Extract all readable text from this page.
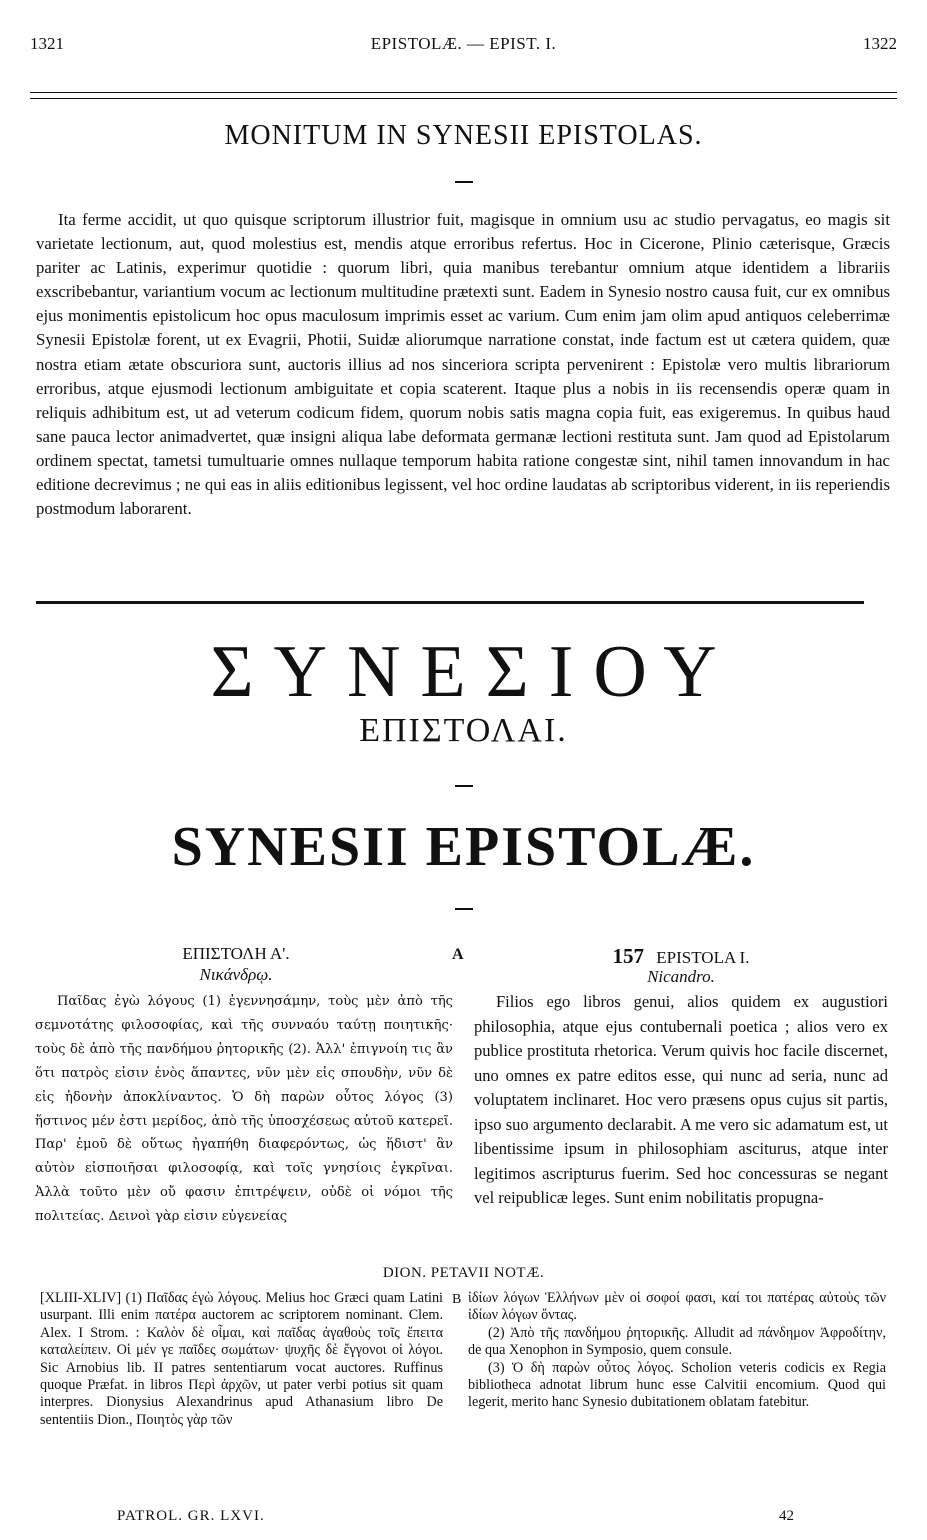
1321	EPISTOLÆ. — EPIST. I.	1322
MONITUM IN SYNESII EPISTOLAS.

Ita ferme accidit, ut quo quisque scriptorum illustrior fuit, magisque in omnium usu ac studio pervagatus, eo magis sit varietate lectionum, aut, quod molestius est, mendis atque erroribus refertus. Hoc in Cicerone, Plinio cæterisque, Græcis pariter ac Latinis, experimur quotidie : quorum libri, quia manibus terebantur omnium atque identidem a librariis exscribebantur, variantium vocum ac lectionum multitudine prætexti sunt. Eadem in Synesio nostro causa fuit, cur ex omnibus ejus monimentis epistolicum hoc opus maculosum imprimis esset ac varium. Cum enim jam olim apud antiquos celeberrimæ Synesii Epistolæ forent, ut ex Evagrii, Photii, Suidæ aliorumque narratione constat, inde factum est ut cætera quidem, quæ nostra etiam ætate obscuriora sunt, auctoris illius ad nos sinceriora scripta pervenirent : Epistolæ vero multis librariorum erroribus, atque ejusmodi lectionum ambiguitate et copia scaterent. Itaque plus a nobis in iis recensendis operæ quam in reliquis adhibitum est, ut ad veterum codicum fidem, quorum nobis satis magna copia fuit, eas exigeremus. In quibus haud sane pauca lector animadvertet, quæ insigni aliqua labe deformata germanæ lectioni restituta sunt. Jam quod ad Epistolarum ordinem spectat, tametsi tumultuarie omnes nullaque temporum habita ratione congestæ sint, nihil tamen innovandum in hac editione decrevimus ; ne qui eas in aliis editionibus legissent, vel hoc ordine laudatas ab scriptoribus viderent, in iis reperiendis postmodum laborarent.

ΣΥΝΕΣΙΟΥ
ΕΠΙΣΤΟΛΑΙ.
SYNESII EPISTOLÆ.
ΕΠΙΣΤΟΛΗ Α'.
Νικάνδρῳ.
A	157 EPISTOLA I.
Nicandro.

Παῖδας ἐγὼ λόγους (1) ἐγεννησάμην, τοὺς μὲν ἀπὸ τῆς σεμνοτάτης φιλοσοφίας, καὶ τῆς συνναόυ ταύτῃ ποιητικῆς· τοὺς δὲ ἀπὸ τῆς πανδήμου ῥητορικῆς (2). Ἀλλ' ἐπιγνοίη τις ἂν ὅτι πατρὸς εἰσιν ἑνὸς ἅπαντες, νῦν μὲν εἰς σπουδὴν, νῦν δὲ εἰς ἡδονὴν ἀποκλίναντος. Ὁ δὴ παρὼν οὗτος λόγος (3) ἥστινος μέν ἐστι μερίδος, ἀπὸ τῆς ὑποσχέσεως αὐτοῦ κατερεῖ. Παρ' ἐμοῦ δὲ οὕτως ἠγαπήθη διαφερόντως, ὡς ἥδιστ' ἂν αὐτὸν εἰσποιῆσαι φιλοσοφίᾳ, καὶ τοῖς γνησίοις ἐγκρῖναι. Ἀλλὰ τοῦτο μὲν οὔ φασιν ἐπιτρέψειν, οὐδὲ οἱ νόμοι τῆς πολιτείας. Δεινοὶ γὰρ εἰσιν εὐγενείας

Filios ego libros genui, alios quidem ex augustiori philosophia, atque ejus contubernali poetica ; alios vero ex publice prostituta rhetorica. Verum quivis hoc facile discernet, uno omnes ex patre editos esse, qui nunc ad seria, nunc ad voluptatem inclinaret. Hoc vero præsens opus cujus sit partis, ipso suo argumento declarabit. A me vero sic adamatum est, ut libentissime ipsum in philosophiam asciturus, atque inter legitimos ascripturus fuerim. Sed hoc concessuras se negant vel reipublicæ leges. Sunt enim nobilitatis propugna-

DION. PETAVII NOTÆ.

[XLIII-XLIV] (1) Παῖδας ἐγὼ λόγους. Melius hoc Græci quam Latini usurpant. Illi enim πατέρα auctorem ac scriptorem nominant. Clem. Alex. I Strom. : Καλὸν δὲ οἶμαι, καὶ παῖδας ἀγαθοὺς τοῖς ἔπειτα καταλείπειν. Οἱ μέν γε παῖδες σωμάτων· ψυχῆς δὲ ἔγγονοι οἱ λόγοι. Sic Arnobius lib. II patres sententiarum vocat auctores. Ruffinus quoque Præfat. in libros Περὶ ἀρχῶν, ut pater verbi potius sit quam interpres. Dionysius Alexandrinus apud Athanasium libro De sententiis Dion., Ποιητὸς γὰρ τῶν

B ἰδίων λόγων Ἑλλήνων μὲν οἱ σοφοί φασι, καί τοι πατέρας αὐτοὺς τῶν ἰδίων λόγων ὄντας.

(2) Ἀπὸ τῆς πανδήμου ῥητορικῆς. Alludit ad πάνδημον Ἀφροδίτην, de qua Xenophon in Symposio, quem consule.

(3) Ὁ δὴ παρὼν οὗτος λόγος. Scholion veteris codicis ex Regia bibliotheca adnotat librum hunc esse Calvitii encomium. Quod qui legerit, merito hanc Synesio dubitationem oblatam fatebitur.

PATROL. GR. LXVI.	42
